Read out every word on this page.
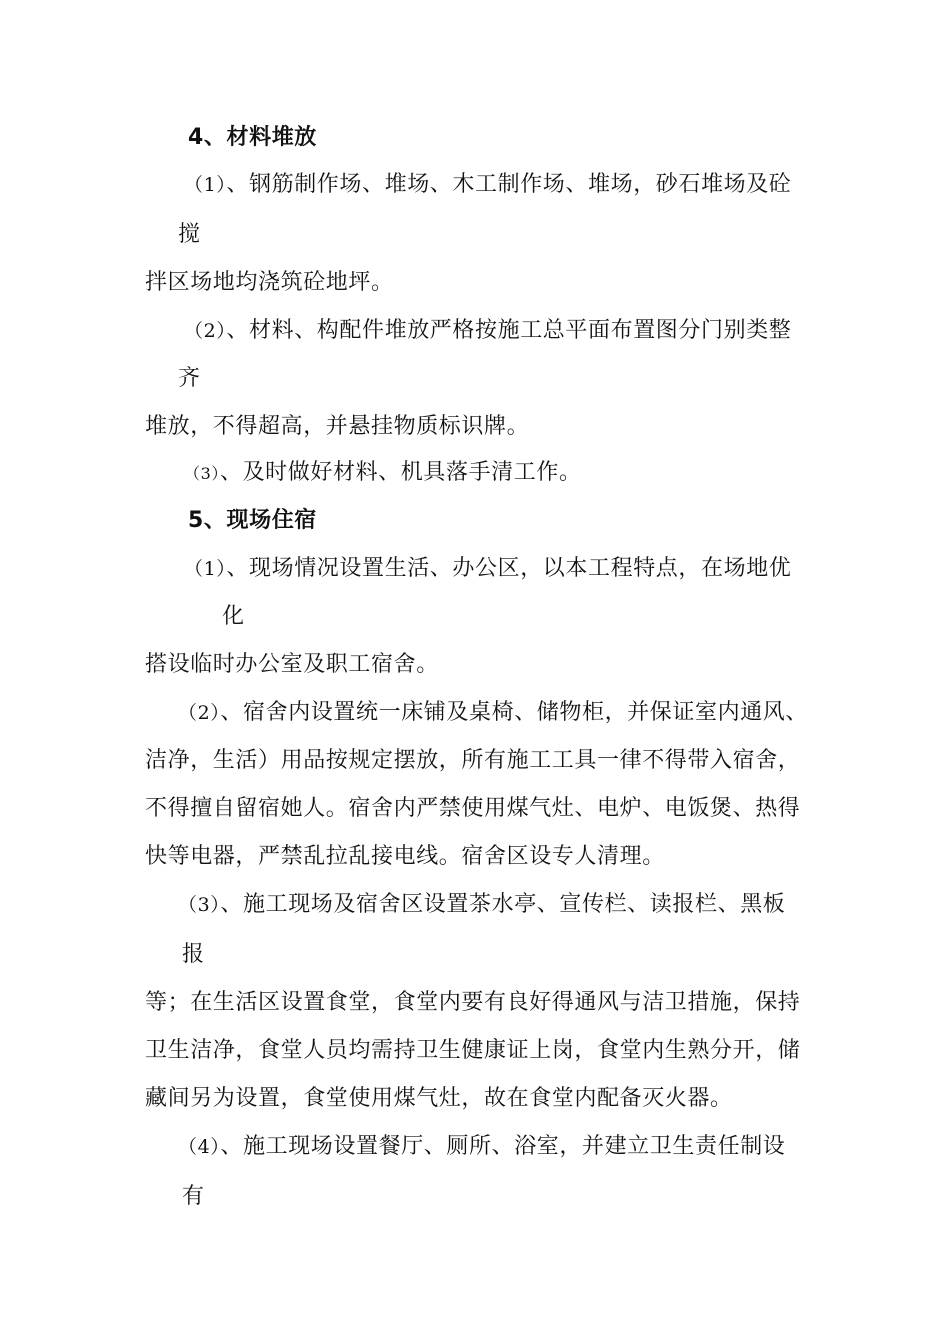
4、材料堆放
（1）、钢筋制作场、堆场、木工制作场、堆场，砂石堆场及砼
搅
拌区场地均浇筑砼地坪。
（2）、材料、构配件堆放严格按施工总平面布置图分门别类整
齐
堆放，不得超高，并悬挂物质标识牌。
（3）、及时做好材料、机具落手清工作。
5、现场住宿
（1）、现场情况设置生活、办公区，以本工程特点，在场地优
化
搭设临时办公室及职工宿舍。
（2）、宿舍内设置统一床铺及桌椅、储物柜，并保证室内通风、
洁净，生活）用品按规定摆放，所有施工工具一律不得带入宿舍，
不得擅自留宿她人。宿舍内严禁使用煤气灶、电炉、电饭煲、热得
快等电器，严禁乱拉乱接电线。宿舍区设专人清理。
（3）、施工现场及宿舍区设置茶水亭、宣传栏、读报栏、黑板
报
等；在生活区设置食堂，食堂内要有良好得通风与洁卫措施，保持
卫生洁净，食堂人员均需持卫生健康证上岗，食堂内生熟分开，储
藏间另为设置，食堂使用煤气灶，故在食堂内配备灭火器。
（4）、施工现场设置餐厅、厕所、浴室，并建立卫生责任制设
有
